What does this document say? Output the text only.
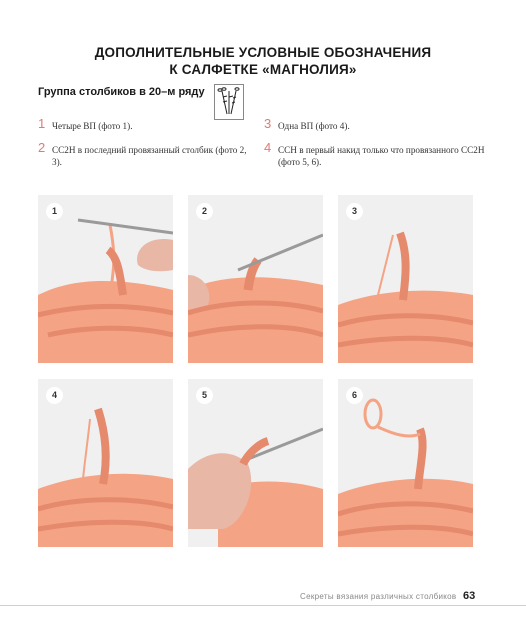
ДОПОЛНИТЕЛЬНЫЕ УСЛОВНЫЕ ОБОЗНАЧЕНИЯ
К САЛФЕТКЕ «МАГНОЛИЯ»
Группа столбиков в 20–м ряду
1 Четыре ВП (фото 1).
2 СС2Н в последний провязанный столбик (фото 2, 3).
3 Одна ВП (фото 4).
4 ССН в первый накид только что провязанного СС2Н (фото 5, 6).
1	2	3
4	5	6
Секреты вязания различных столбиков 63
